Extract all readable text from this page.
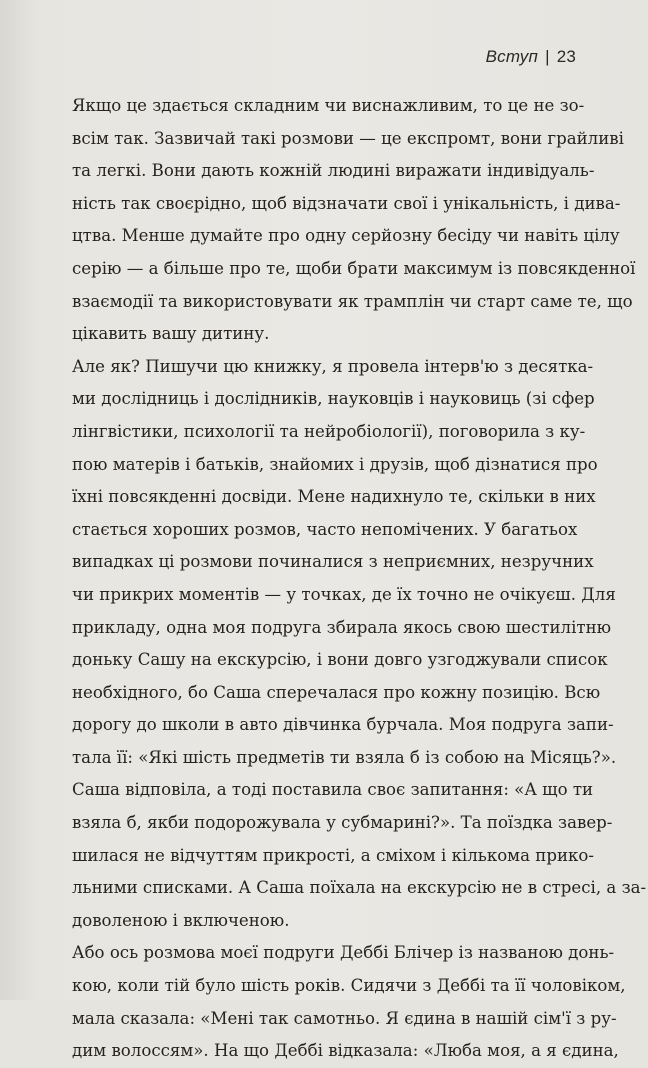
Вступ | 23
Якщо це здається складним чи виснажливим, то це не зо-
всім так. Зазвичай такі розмови — це експромт, вони грайливі
та легкі. Вони дають кожній людині виражати індивідуаль-
ність так своєрідно, щоб відзначати свої і унікальність, і дива-
цтва. Менше думайте про одну серйозну бесіду чи навіть цілу
серію — а більше про те, щоби брати максимум із повсякденної
взаємодії та використовувати як трамплін чи старт саме те, що
цікавить вашу дитину.
Але як? Пишучи цю книжку, я провела інтерв'ю з десятка-
ми дослідниць і дослідників, науковців і науковиць (зі сфер
лінгвістики, психології та нейробіології), поговорила з ку-
пою матерів і батьків, знайомих і друзів, щоб дізнатися про
їхні повсякденні досвіди. Мене надихнуло те, скільки в них
стається хороших розмов, часто непомічених. У багатьох
випадках ці розмови починалися з неприємних, незручних
чи прикрих моментів — у точках, де їх точно не очікуєш. Для
прикладу, одна моя подруга збирала якось свою шестилітню
доньку Сашу на екскурсію, і вони довго узгоджували список
необхідного, бо Саша сперечалася про кожну позицію. Всю
дорогу до школи в авто дівчинка бурчала. Моя подруга запи-
тала її: «Які шість предметів ти взяла б із собою на Місяць?».
Саша відповіла, а тоді поставила своє запитання: «А що ти
взяла б, якби подорожувала у субмарині?». Та поїздка завер-
шилася не відчуттям прикрості, а сміхом і кількома прико-
льними списками. А Саша поїхала на екскурсію не в стресі, а за-
доволеною і включеною.
Або ось розмова моєї подруги Деббі Блічер із названою донь-
кою, коли тій було шість років. Сидячи з Деббі та її чоловіком,
мала сказала: «Мені так самотньо. Я єдина в нашій сім'ї з ру-
дим волоссям». На що Деббі відказала: «Люба моя, а я єдина,
